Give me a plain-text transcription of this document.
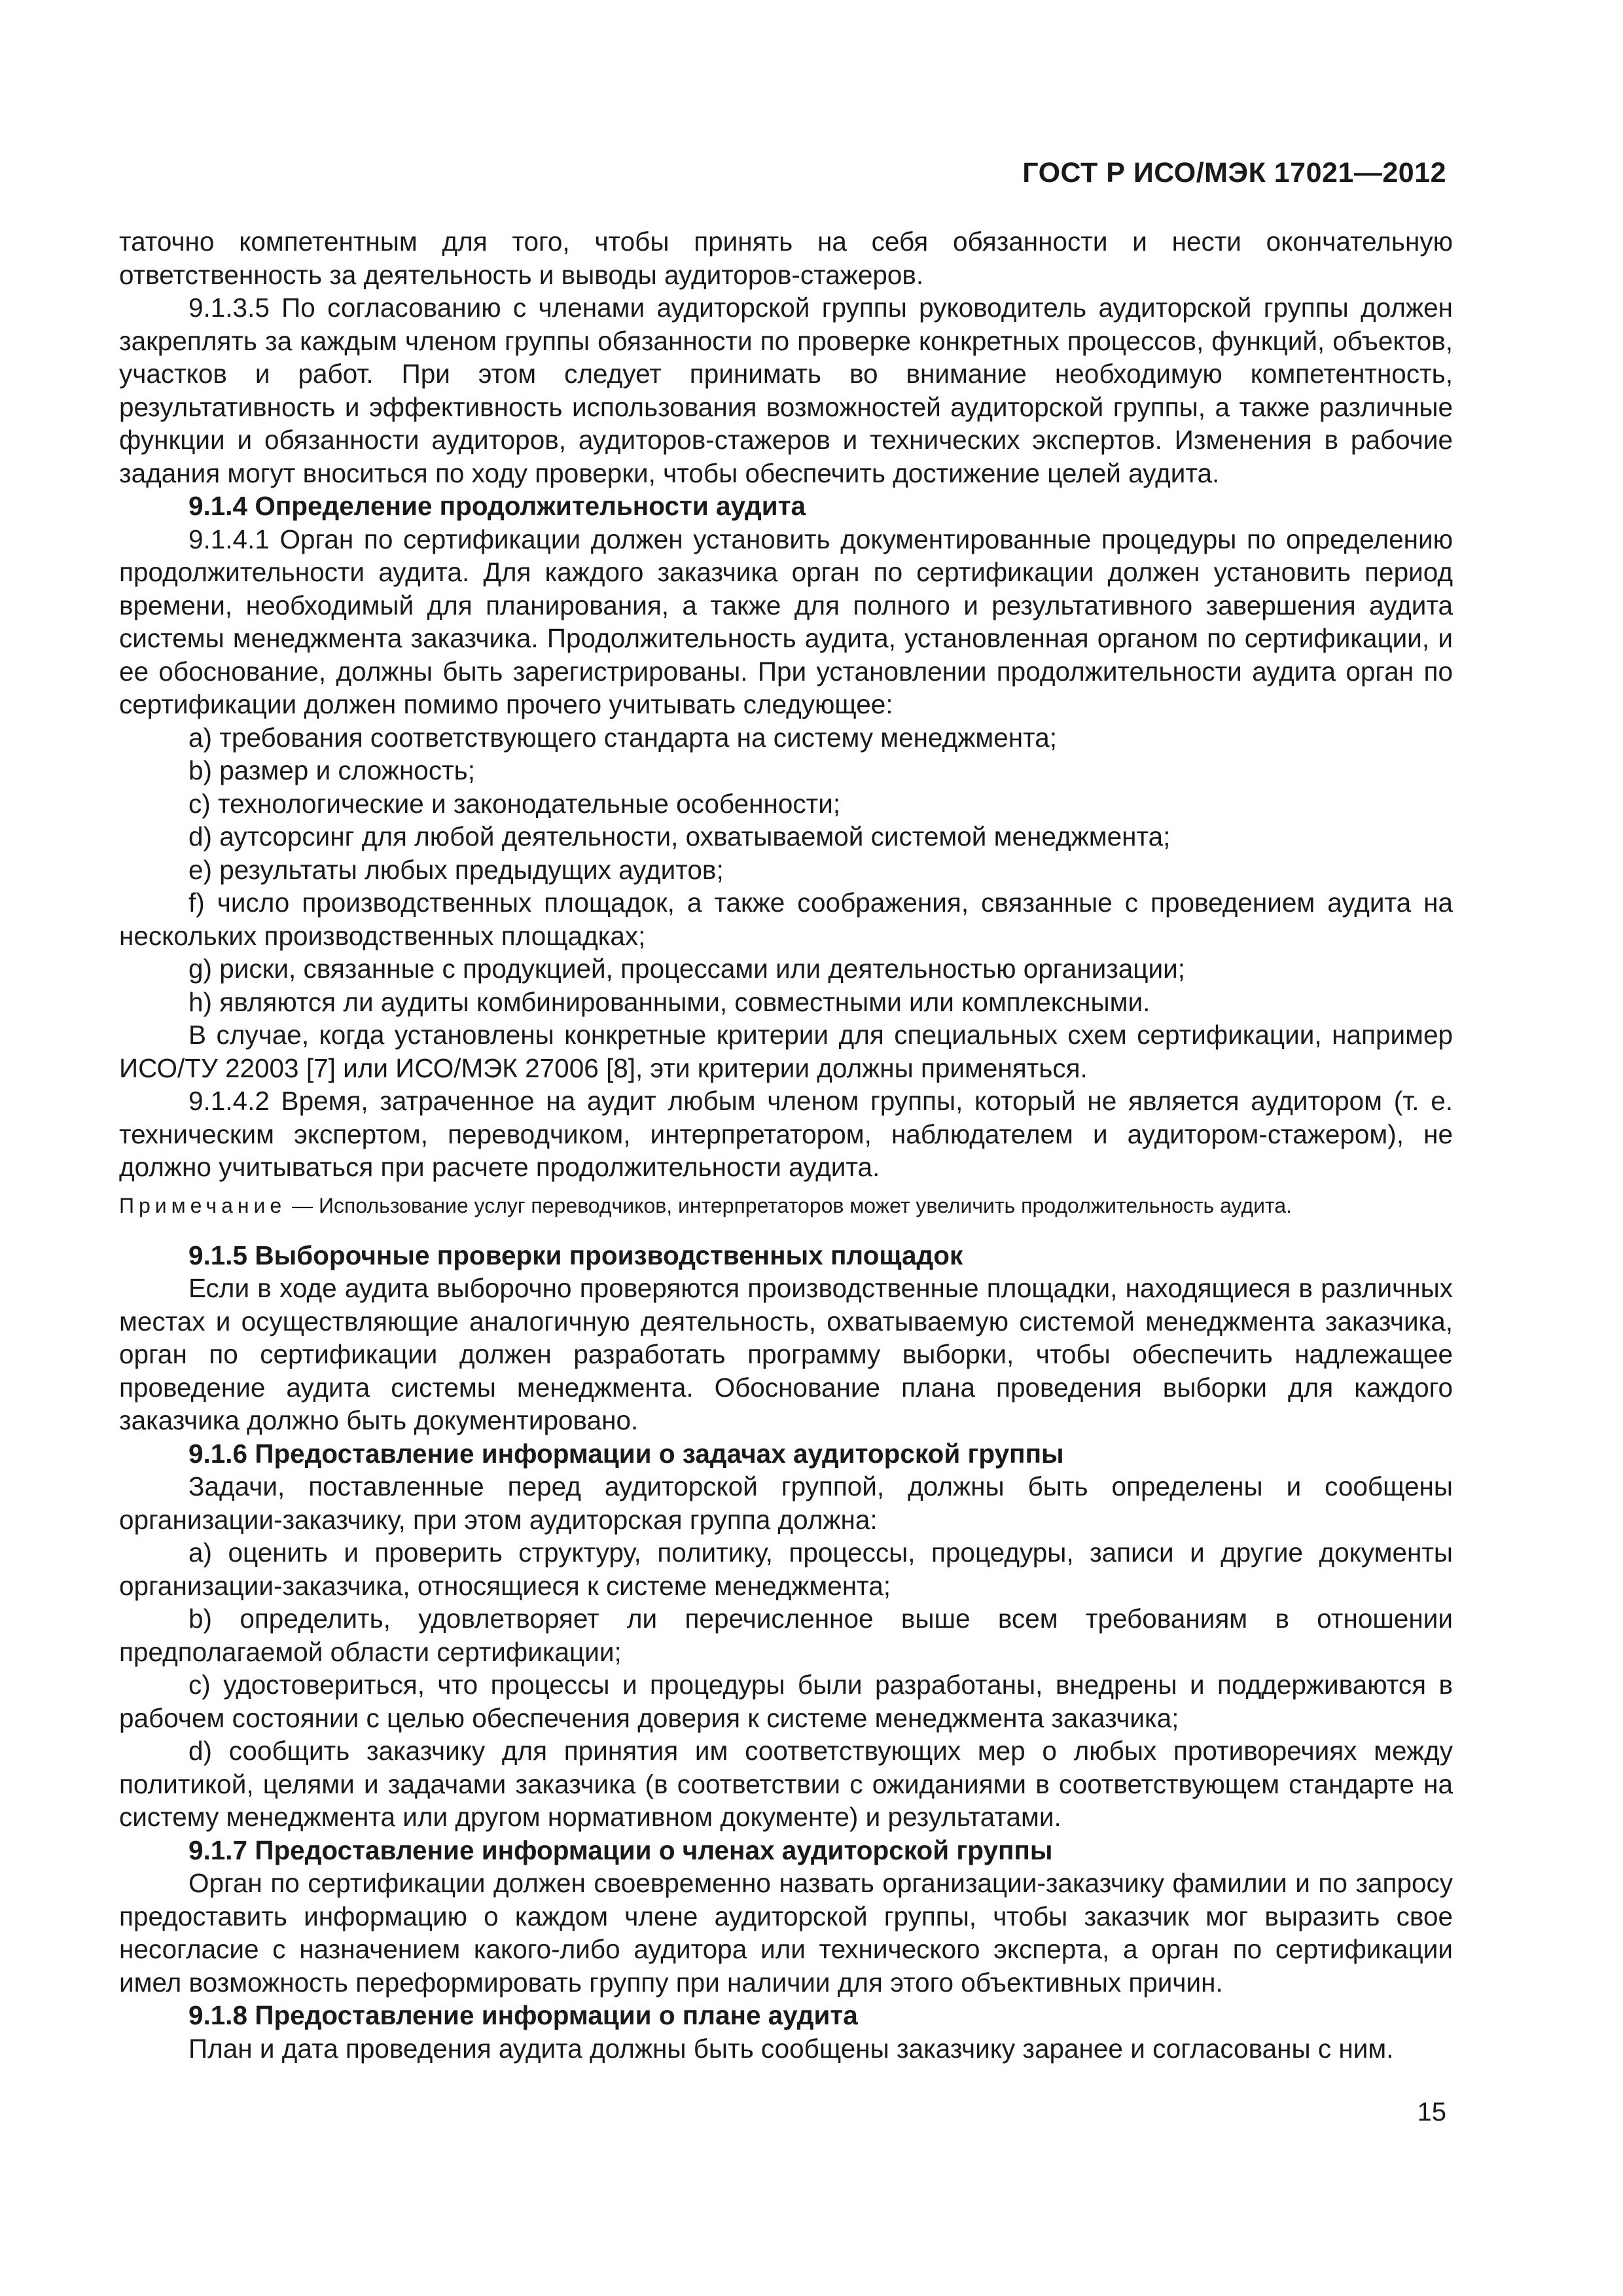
ГОСТ Р ИСО/МЭК 17021—2012

таточно компетентным для того, чтобы принять на себя обязанности и нести окончательную ответственность за деятельность и выводы аудиторов-стажеров.

9.1.3.5 По согласованию с членами аудиторской группы руководитель аудиторской группы должен закреплять за каждым членом группы обязанности по проверке конкретных процессов, функций, объектов, участков и работ. При этом следует принимать во внимание необходимую компетентность, результативность и эффективность использования возможностей аудиторской группы, а также различные функции и обязанности аудиторов, аудиторов-стажеров и технических экспертов. Изменения в рабочие задания могут вноситься по ходу проверки, чтобы обеспечить достижение целей аудита.

9.1.4 Определение продолжительности аудита

9.1.4.1 Орган по сертификации должен установить документированные процедуры по определению продолжительности аудита. Для каждого заказчика орган по сертификации должен установить период времени, необходимый для планирования, а также для полного и результативного завершения аудита системы менеджмента заказчика. Продолжительность аудита, установленная органом по сертификации, и ее обоснование, должны быть зарегистрированы. При установлении продолжительности аудита орган по сертификации должен помимо прочего учитывать следующее:

a) требования соответствующего стандарта на систему менеджмента;

b) размер и сложность;

c) технологические и законодательные особенности;

d) аутсорсинг для любой деятельности, охватываемой системой менеджмента;

e) результаты любых предыдущих аудитов;

f) число производственных площадок, а также соображения, связанные с проведением аудита на нескольких производственных площадках;

g) риски, связанные с продукцией, процессами или деятельностью организации;

h) являются ли аудиты комбинированными, совместными или комплексными.

В случае, когда установлены конкретные критерии для специальных схем сертификации, например ИСО/ТУ 22003 [7] или ИСО/МЭК 27006 [8], эти критерии должны применяться.

9.1.4.2 Время, затраченное на аудит любым членом группы, который не является аудитором (т. е. техническим экспертом, переводчиком, интерпретатором, наблюдателем и аудитором-стажером), не должно учитываться при расчете продолжительности аудита.

Примечание — Использование услуг переводчиков, интерпретаторов может увеличить продолжительность аудита.

9.1.5 Выборочные проверки производственных площадок

Если в ходе аудита выборочно проверяются производственные площадки, находящиеся в различных местах и осуществляющие аналогичную деятельность, охватываемую системой менеджмента заказчика, орган по сертификации должен разработать программу выборки, чтобы обеспечить надлежащее проведение аудита системы менеджмента. Обоснование плана проведения выборки для каждого заказчика должно быть документировано.

9.1.6 Предоставление информации о задачах аудиторской группы

Задачи, поставленные перед аудиторской группой, должны быть определены и сообщены организации-заказчику, при этом аудиторская группа должна:

a) оценить и проверить структуру, политику, процессы, процедуры, записи и другие документы организации-заказчика, относящиеся к системе менеджмента;

b) определить, удовлетворяет ли перечисленное выше всем требованиям в отношении предполагаемой области сертификации;

c) удостовериться, что процессы и процедуры были разработаны, внедрены и поддерживаются в рабочем состоянии с целью обеспечения доверия к системе менеджмента заказчика;

d) сообщить заказчику для принятия им соответствующих мер о любых противоречиях между политикой, целями и задачами заказчика (в соответствии с ожиданиями в соответствующем стандарте на систему менеджмента или другом нормативном документе) и результатами.

9.1.7 Предоставление информации о членах аудиторской группы

Орган по сертификации должен своевременно назвать организации-заказчику фамилии и по запросу предоставить информацию о каждом члене аудиторской группы, чтобы заказчик мог выразить свое несогласие с назначением какого-либо аудитора или технического эксперта, а орган по сертификации имел возможность переформировать группу при наличии для этого объективных причин.

9.1.8 Предоставление информации о плане аудита

План и дата проведения аудита должны быть сообщены заказчику заранее и согласованы с ним.

15
